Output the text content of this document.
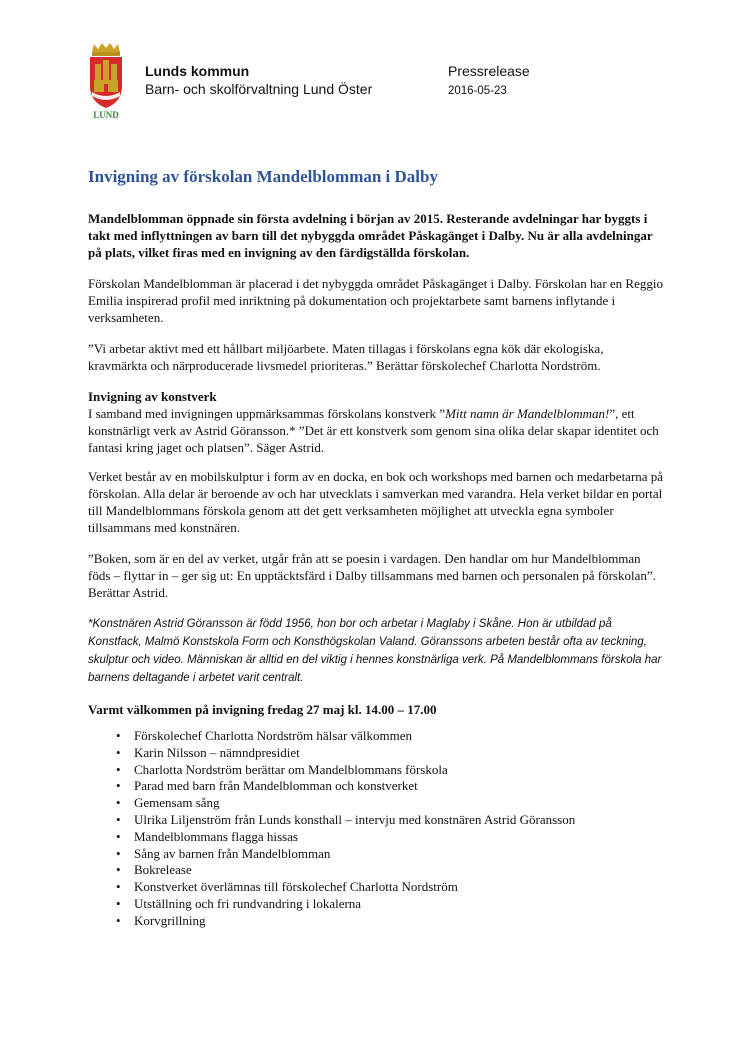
LUND
Lunds kommun
Barn- och skolförvaltning Lund Öster
Pressrelease
2016-05-23
Invigning av förskolan Mandelblomman i Dalby

Mandelblomman öppnade sin första avdelning i början av 2015. Resterande avdelningar har byggts i takt med inflyttningen av barn till det nybyggda området Påskagänget i Dalby. Nu är alla avdelningar på plats, vilket firas med en invigning av den färdigställda förskolan.

Förskolan Mandelblomman är placerad i det nybyggda området Påskagänget i Dalby. Förskolan har en Reggio Emilia inspirerad profil med inriktning på dokumentation och projektarbete samt barnens inflytande i verksamheten.

”Vi arbetar aktivt med ett hållbart miljöarbete. Maten tillagas i förskolans egna kök där ekologiska, kravmärkta och närproducerade livsmedel prioriteras.” Berättar förskolechef Charlotta Nordström.

Invigning av konstverk

I samband med invigningen uppmärksammas förskolans konstverk ”Mitt namn är Mandelblomman!”, ett konstnärligt verk av Astrid Göransson.* ”Det är ett konstverk som genom sina olika delar skapar identitet och fantasi kring jaget och platsen”. Säger Astrid.

Verket består av en mobilskulptur i form av en docka, en bok och workshops med barnen och medarbetarna på förskolan. Alla delar är beroende av och har utvecklats i samverkan med varandra. Hela verket bildar en portal till Mandelblommans förskola genom att det gett verksamheten möjlighet att utveckla egna symboler tillsammans med konstnären.

”Boken, som är en del av verket, utgår från att se poesin i vardagen. Den handlar om hur Mandelblomman föds – flyttar in – ger sig ut: En upptäcktsfärd i Dalby tillsammans med barnen och personalen på förskolan”. Berättar Astrid.

*Konstnären Astrid Göransson är född 1956, hon bor och arbetar i Maglaby i Skåne. Hon är utbildad på Konstfack, Malmö Konstskola Form och Konsthögskolan Valand. Göranssons arbeten består ofta av teckning, skulptur och video. Människan är alltid en del viktig i hennes konstnärliga verk. På Mandelblommans förskola har barnens deltagande i arbetet varit centralt.

Varmt välkommen på invigning fredag 27 maj kl. 14.00 – 17.00

• Förskolechef Charlotta Nordström hälsar välkommen
• Karin Nilsson – nämndpresidiet
• Charlotta Nordström berättar om Mandelblommans förskola
• Parad med barn från Mandelblomman och konstverket
• Gemensam sång
• Ulrika Liljenström från Lunds konsthall – intervju med konstnären Astrid Göransson
• Mandelblommans flagga hissas
• Sång av barnen från Mandelblomman
• Bokrelease
• Konstverket överlämnas till förskolechef Charlotta Nordström
• Utställning och fri rundvandring i lokalerna
• Korvgrillning
